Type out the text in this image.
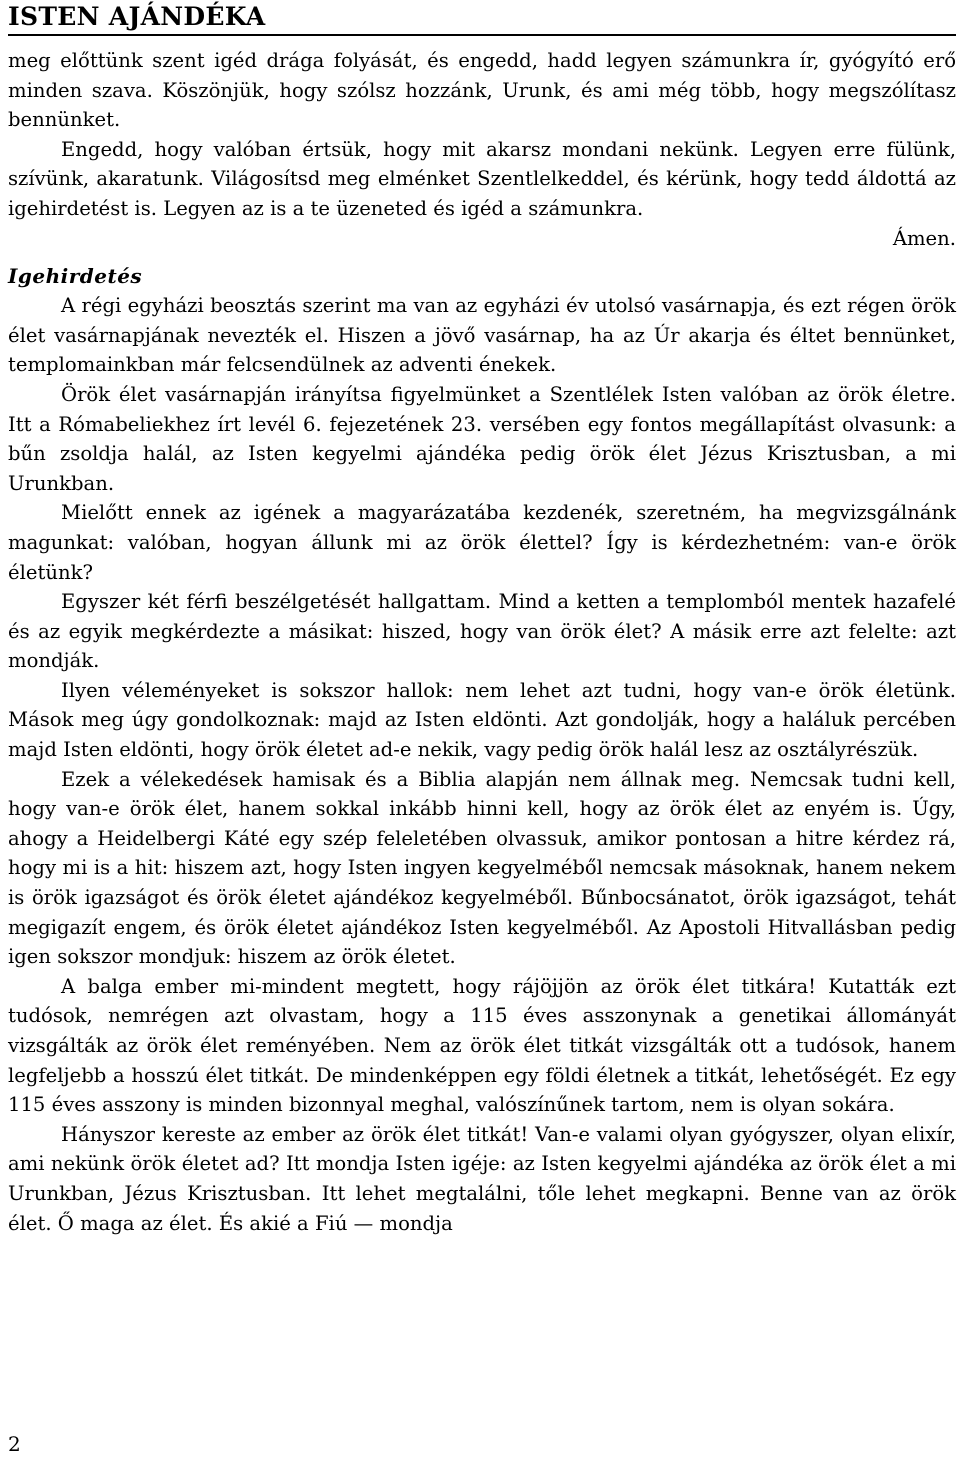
ISTEN AJÁNDÉKA

meg előttünk szent igéd drága folyását, és engedd, hadd legyen számunkra ír, gyógyító erő minden szava. Köszönjük, hogy szólsz hozzánk, Urunk, és ami még több, hogy megszólítasz bennünket.

Engedd, hogy valóban értsük, hogy mit akarsz mondani nekünk. Legyen erre fülünk, szívünk, akaratunk. Világosítsd meg elménket Szentlelkeddel, és kérünk, hogy tedd áldottá az igehirdetést is. Legyen az is a te üzeneted és igéd a számunkra.

Ámen.

Igehirdetés

A régi egyházi beosztás szerint ma van az egyházi év utolsó vasárnapja, és ezt régen örök élet vasárnapjának nevezték el. Hiszen a jövő vasárnap, ha az Úr akarja és éltet bennünket, templomainkban már felcsendülnek az adventi énekek.

Örök élet vasárnapján irányítsa figyelmünket a Szentlélek Isten valóban az örök életre. Itt a Rómabeliekhez írt levél 6. fejezetének 23. versében egy fontos megállapítást olvasunk: a bűn zsoldja halál, az Isten kegyelmi ajándéka pedig örök élet Jézus Krisztusban, a mi Urunkban.

Mielőtt ennek az igének a magyarázatába kezdenék, szeretném, ha megvizsgálnánk magunkat: valóban, hogyan állunk mi az örök élettel? Így is kérdezhetném: van-e örök életünk?

Egyszer két férfi beszélgetését hallgattam. Mind a ketten a templomból mentek hazafelé és az egyik megkérdezte a másikat: hiszed, hogy van örök élet? A másik erre azt felelte: azt mondják.

Ilyen véleményeket is sokszor hallok: nem lehet azt tudni, hogy van-e örök életünk. Mások meg úgy gondolkoznak: majd az Isten eldönti. Azt gondolják, hogy a haláluk percében majd Isten eldönti, hogy örök életet ad-e nekik, vagy pedig örök halál lesz az osztályrészük.

Ezek a vélekedések hamisak és a Biblia alapján nem állnak meg. Nemcsak tudni kell, hogy van-e örök élet, hanem sokkal inkább hinni kell, hogy az örök élet az enyém is. Úgy, ahogy a Heidelbergi Káté egy szép feleletében olvassuk, amikor pontosan a hitre kérdez rá, hogy mi is a hit: hiszem azt, hogy Isten ingyen kegyelméből nemcsak másoknak, hanem nekem is örök igazságot és örök életet ajándékoz kegyelméből. Bűnbocsánatot, örök igazságot, tehát megigazít engem, és örök életet ajándékoz Isten kegyelméből. Az Apostoli Hitvallásban pedig igen sokszor mondjuk: hiszem az örök életet.

A balga ember mi-mindent megtett, hogy rájöjjön az örök élet titkára! Kutatták ezt tudósok, nemrégen azt olvastam, hogy a 115 éves asszonynak a genetikai állományát vizsgálták az örök élet reményében. Nem az örök élet titkát vizsgálták ott a tudósok, hanem legfeljebb a hosszú élet titkát. De mindenképpen egy földi életnek a titkát, lehetőségét. Ez egy 115 éves asszony is minden bizonnyal meghal, valószínűnek tartom, nem is olyan sokára.

Hányszor kereste az ember az örök élet titkát! Van-e valami olyan gyógyszer, olyan elixír, ami nekünk örök életet ad? Itt mondja Isten igéje: az Isten kegyelmi ajándéka az örök élet a mi Urunkban, Jézus Krisztusban. Itt lehet megtalálni, tőle lehet megkapni. Benne van az örök élet. Ő maga az élet. És akié a Fiú — mondja

2
